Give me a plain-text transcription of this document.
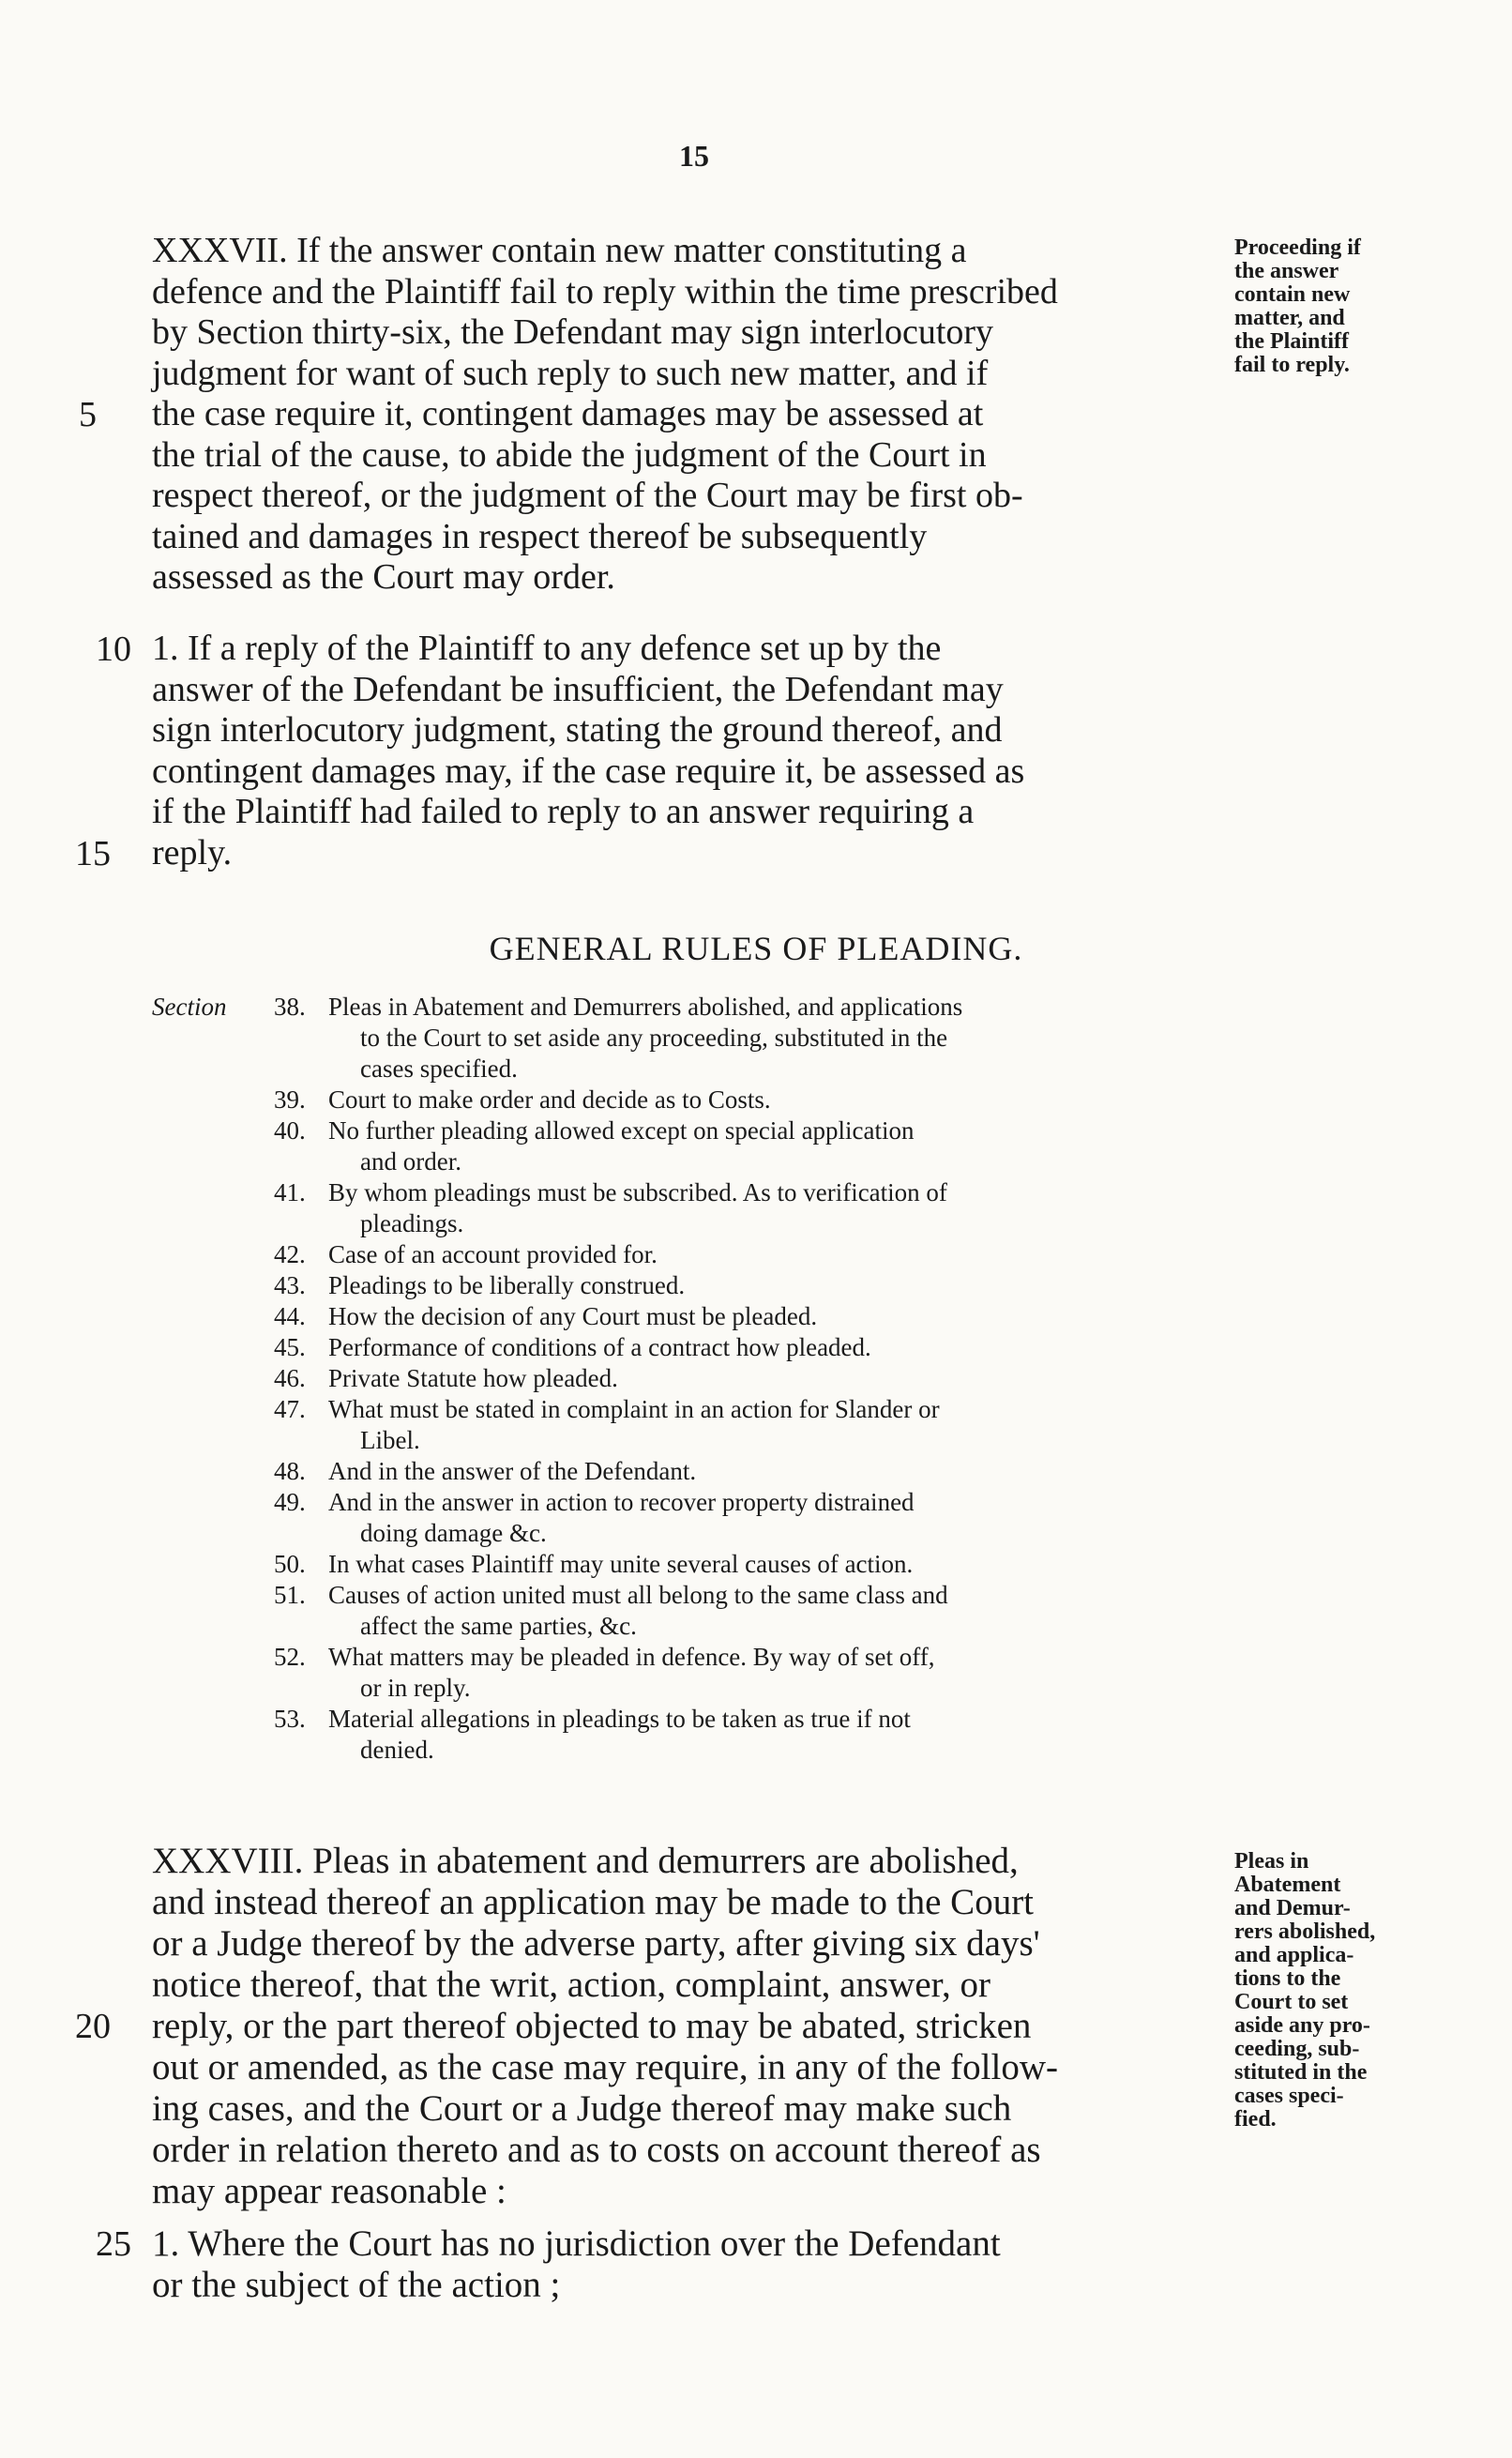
15
XXXVII. If the answer contain new matter constituting a
defence and the Plaintiff fail to reply within the time prescribed
by Section thirty-six, the Defendant may sign interlocutory
judgment for want of such reply to such new matter, and if
the case require it, contingent damages may be assessed at
the trial of the cause, to abide the judgment of the Court in
respect thereof, or the judgment of the Court may be first ob-
tained and damages in respect thereof be subsequently
assessed as the Court may order.
Proceeding if
the answer
contain new
matter, and
the Plaintiff
fail to reply.
5
1. If a reply of the Plaintiff to any defence set up by the
answer of the Defendant be insufficient, the Defendant may
sign interlocutory judgment, stating the ground thereof, and
contingent damages may, if the case require it, be assessed as
if the Plaintiff had failed to reply to an answer requiring a
reply.
10
15
GENERAL RULES OF PLEADING.
Section 38. Pleas in Abatement and Demurrers abolished, and applications
to the Court to set aside any proceeding, substituted in the
cases specified.
39. Court to make order and decide as to Costs.
40. No further pleading allowed except on special application
and order.
41. By whom pleadings must be subscribed. As to verification of
pleadings.
42. Case of an account provided for.
43. Pleadings to be liberally construed.
44. How the decision of any Court must be pleaded.
45. Performance of conditions of a contract how pleaded.
46. Private Statute how pleaded.
47. What must be stated in complaint in an action for Slander or
Libel.
48. And in the answer of the Defendant.
49. And in the answer in action to recover property distrained
doing damage &c.
50. In what cases Plaintiff may unite several causes of action.
51. Causes of action united must all belong to the same class and
affect the same parties, &c.
52. What matters may be pleaded in defence. By way of set off,
or in reply.
53. Material allegations in pleadings to be taken as true if not
denied.
XXXVIII. Pleas in abatement and demurrers are abolished,
and instead thereof an application may be made to the Court
or a Judge thereof by the adverse party, after giving six days'
notice thereof, that the writ, action, complaint, answer, or
reply, or the part thereof objected to may be abated, stricken
out or amended, as the case may require, in any of the follow-
ing cases, and the Court or a Judge thereof may make such
order in relation thereto and as to costs on account thereof as
may appear reasonable :
Pleas in
Abatement
and Demur-
rers abolished,
and applica-
tions to the
Court to set
aside any pro-
ceeding, sub-
stituted in the
cases speci-
fied.
20
1. Where the Court has no jurisdiction over the Defendant
or the subject of the action ;
25
